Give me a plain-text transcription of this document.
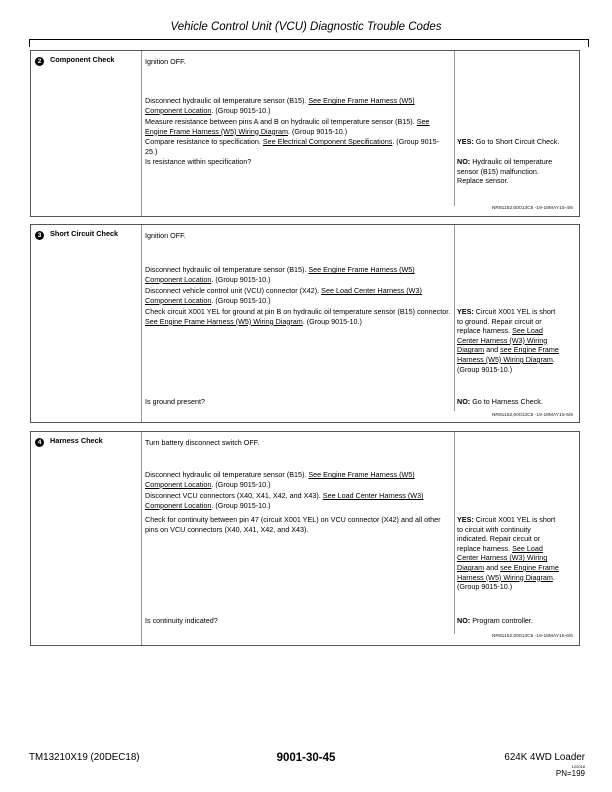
Vehicle Control Unit (VCU) Diagnostic Trouble Codes
2 Component Check	Ignition OFF.
Disconnect hydraulic oil temperature sensor (B15). See Engine Frame Harness (W5) Component Location. (Group 9015-10.)
Measure resistance between pins A and B on hydraulic oil temperature sensor (B15). See Engine Frame Harness (W5) Wiring Diagram. (Group 9015-10.)
Compare resistance to specification. See Electrical Component Specifications. (Group 9015-25.)
Is resistance within specification?
YES: Go to Short Circuit Check.
NO: Hydraulic oil temperature sensor (B15) malfunction. Replace sensor.
NR81152,00013C5 -19-18MAY15-4/6
3 Short Circuit Check	Ignition OFF.
Disconnect hydraulic oil temperature sensor (B15). See Engine Frame Harness (W5) Component Location. (Group 9015-10.)
Disconnect vehicle control unit (VCU) connector (X42). See Load Center Harness (W3) Component Location. (Group 9015-10.)
Check circuit X001 YEL for ground at pin B on hydraulic oil temperature sensor (B15) connector. See Engine Frame Harness (W5) Wiring Diagram. (Group 9015-10.)
Is ground present?
YES: Circuit X001 YEL is short to ground. Repair circuit or replace harness. See Load Center Harness (W3) Wiring Diagram and see Engine Frame Harness (W5) Wiring Diagram. (Group 9015-10.)
NO: Go to Harness Check.
NR81152,00013C5 -19-18MAY15-5/6
4 Harness Check	Turn battery disconnect switch OFF.
Disconnect hydraulic oil temperature sensor (B15). See Engine Frame Harness (W5) Component Location. (Group 9015-10.)
Disconnect VCU connectors (X40, X41, X42, and X43). See Load Center Harness (W3) Component Location. (Group 9015-10.)
Check for continuity between pin 47 (circuit X001 YEL) on VCU connector (X42) and all other pins on VCU connectors (X40, X41, X42, and X43).
Is continuity indicated?
YES: Circuit X001 YEL is short to circuit with continuity indicated. Repair circuit or replace harness. See Load Center Harness (W3) Wiring Diagram and see Engine Frame Harness (W5) Wiring Diagram. (Group 9015-10.)
NO: Program controller.
NR81152,00013C5 -19-18MAY15-6/6
TM13210X19 (20DEC18)	9001-30-45	624K 4WD Loader
122018
PN=199
